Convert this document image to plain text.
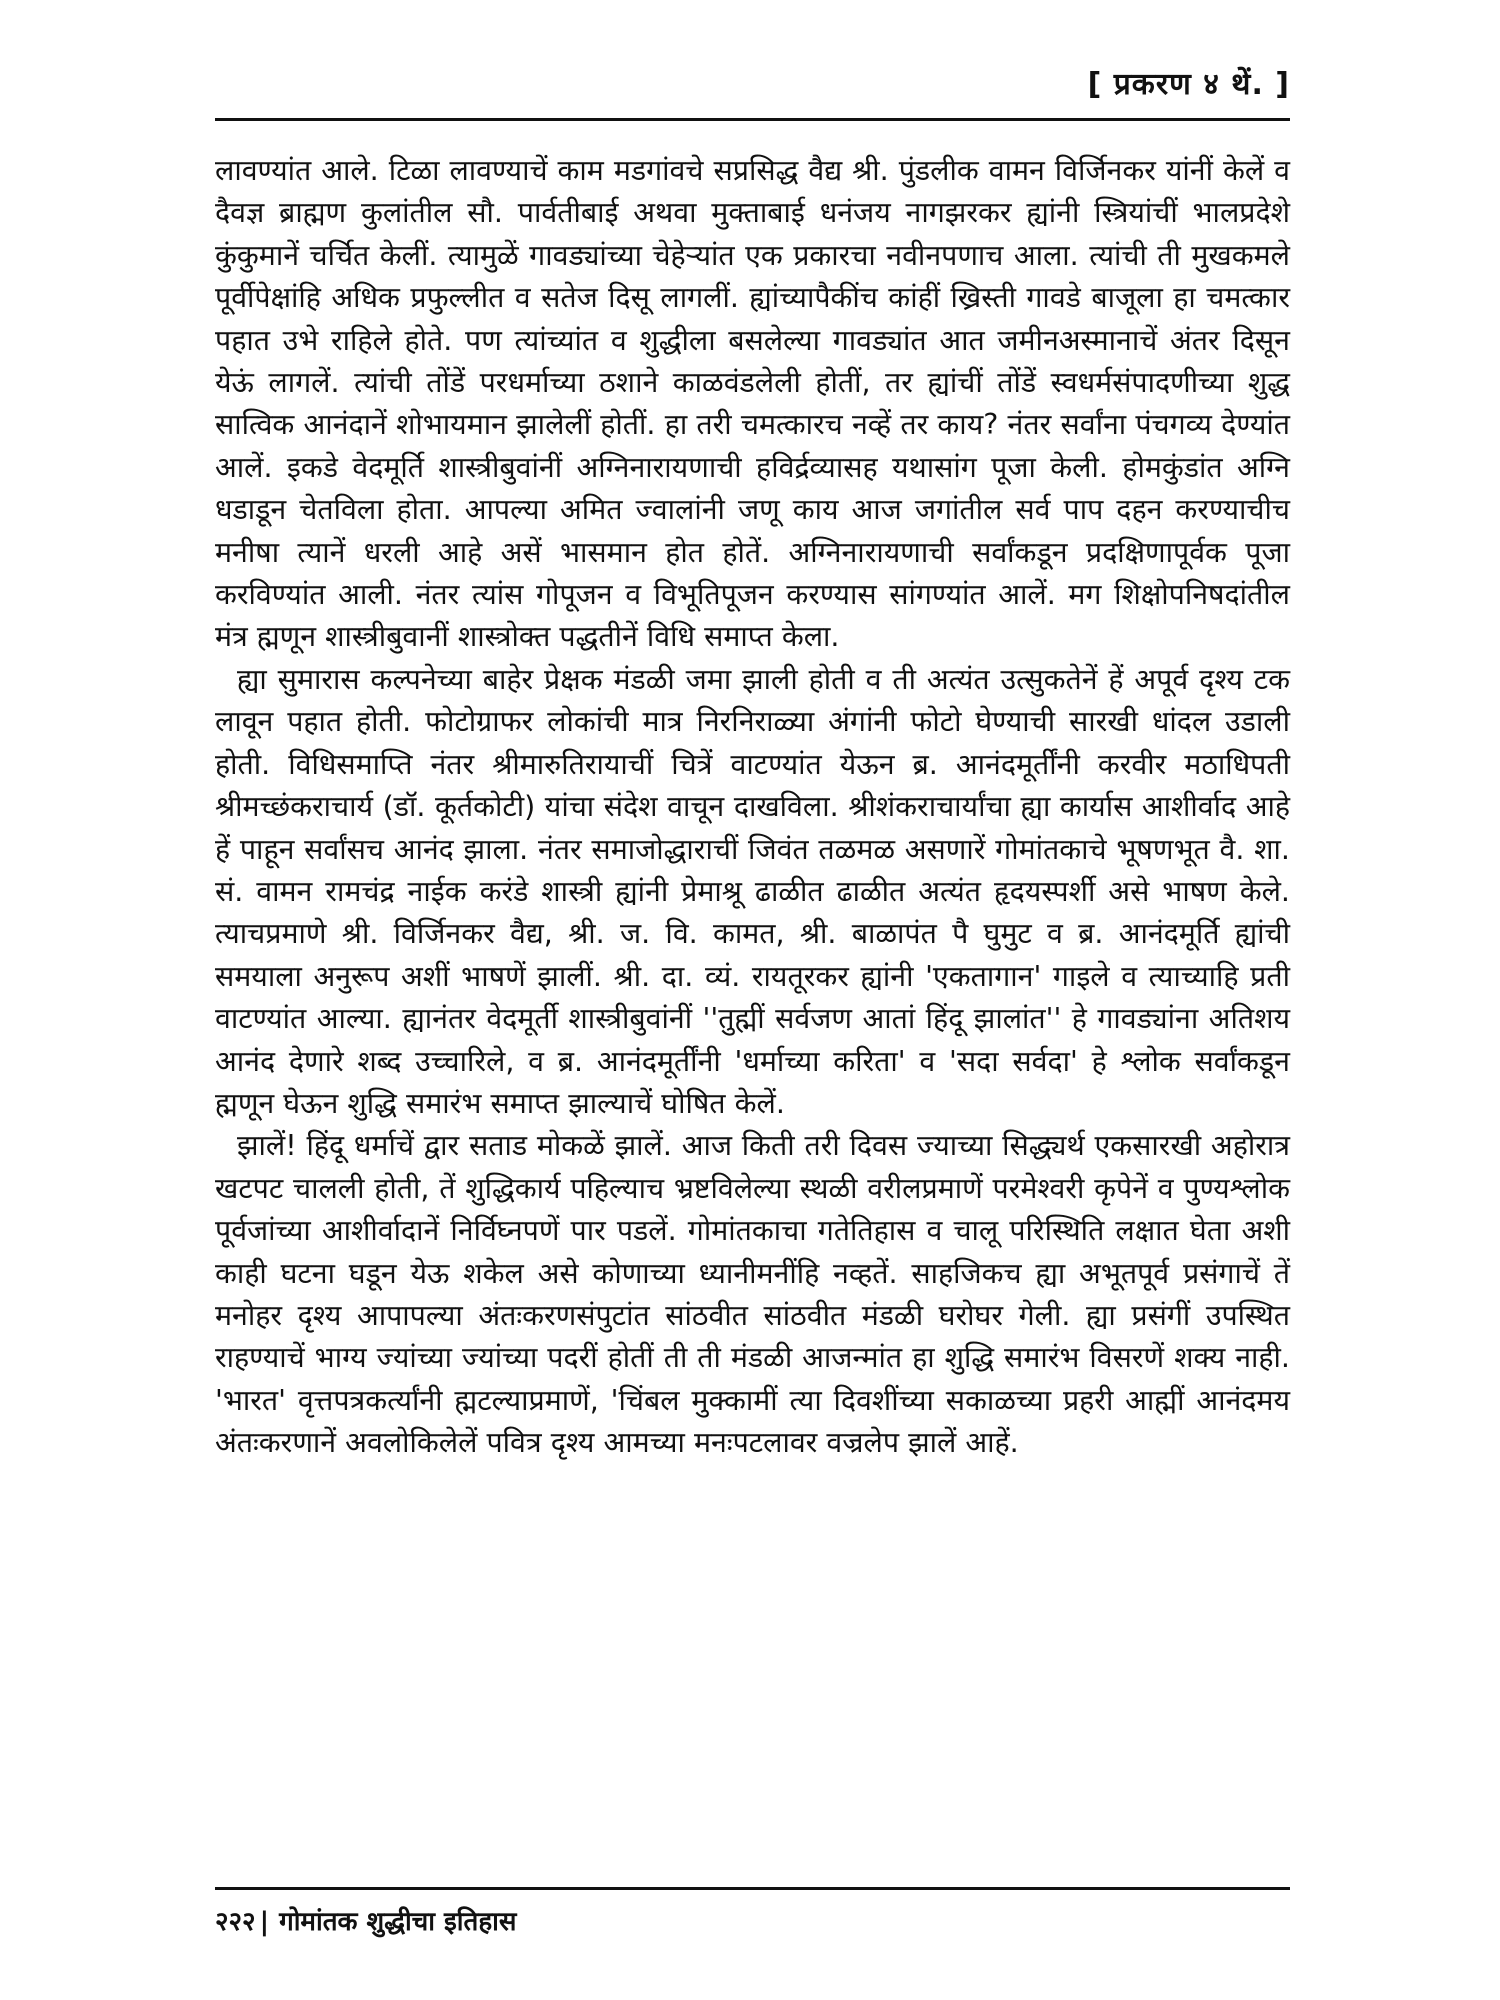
[ प्रकरण ४ थें. ]

लावण्यांत आले. टिळा लावण्याचें काम मडगांवचे सप्रसिद्ध वैद्य श्री. पुंडलीक वामन विर्जिनकर यांनीं केलें व दैवज्ञ ब्राह्मण कुलांतील सौ. पार्वतीबाई अथवा मुक्ताबाई धनंजय नागझरकर ह्यांनी स्त्रियांचीं भालप्रदेशे कुंकुमानें चर्चित केलीं. त्यामुळें गावड्यांच्या चेहेऱ्यांत एक प्रकारचा नवीनपणाच आला. त्यांची ती मुखकमले पूर्वीपेक्षांहि अधिक प्रफुल्लीत व सतेज दिसू लागलीं. ह्यांच्यापैकींच कांहीं ख्रिस्ती गावडे बाजूला हा चमत्कार पहात उभे राहिले होते. पण त्यांच्यांत व शुद्धीला बसलेल्या गावड्यांत आत जमीनअस्मानाचें अंतर दिसून येऊं लागलें. त्यांची तोंडें परधर्माच्या ठशाने काळवंडलेली होतीं, तर ह्यांचीं तोंडें स्वधर्मसंपादणीच्या शुद्ध सात्विक आनंदानें शोभायमान झालेलीं होतीं. हा तरी चमत्कारच नव्हें तर काय? नंतर सर्वांना पंचगव्य देण्यांत आलें. इकडे वेदमूर्ति शास्त्रीबुवांनीं अग्निनारायणाची हविर्द्रव्यासह यथासांग पूजा केली. होमकुंडांत अग्नि धडाडून चेतविला होता. आपल्या अमित ज्वालांनी जणू काय आज जगांतील सर्व पाप दहन करण्याचीच मनीषा त्यानें धरली आहे असें भासमान होत होतें. अग्निनारायणाची सर्वांकडून प्रदक्षिणापूर्वक पूजा करविण्यांत आली. नंतर त्यांस गोपूजन व विभूतिपूजन करण्यास सांगण्यांत आलें. मग शिक्षोपनिषदांतील मंत्र ह्मणून शास्त्रीबुवानीं शास्त्रोक्त पद्धतीनें विधि समाप्त केला.

ह्या सुमारास कल्पनेच्या बाहेर प्रेक्षक मंडळी जमा झाली होती व ती अत्यंत उत्सुकतेनें हें अपूर्व दृश्य टक लावून पहात होती. फोटोग्राफर लोकांची मात्र निरनिराळ्या अंगांनी फोटो घेण्याची सारखी धांदल उडाली होती. विधिसमाप्ति नंतर श्रीमारुतिरायाचीं चित्रें वाटण्यांत येऊन ब्र. आनंदमूर्तींनी करवीर मठाधिपती श्रीमच्छंकराचार्य (डॉ. कूर्तकोटी) यांचा संदेश वाचून दाखविला. श्रीशंकराचार्यांचा ह्या कार्यास आशीर्वाद आहे हें पाहून सर्वांसच आनंद झाला. नंतर समाजोद्धाराचीं जिवंत तळमळ असणारें गोमांतकाचे भूषणभूत वै. शा. सं. वामन रामचंद्र नाईक करंडे शास्त्री ह्यांनी प्रेमाश्रू ढाळीत ढाळीत अत्यंत हृदयस्पर्शी असे भाषण केले. त्याचप्रमाणे श्री. विर्जिनकर वैद्य, श्री. ज. वि. कामत, श्री. बाळापंत पै घुमुट व ब्र. आनंदमूर्ति ह्यांची समयाला अनुरूप अशीं भाषणें झालीं. श्री. दा. व्यं. रायतूरकर ह्यांनी 'एकतागान' गाइले व त्याच्याहि प्रती वाटण्यांत आल्या. ह्यानंतर वेदमूर्ती शास्त्रीबुवांनीं ''तुह्मीं सर्वजण आतां हिंदू झालांत'' हे गावड्यांना अतिशय आनंद देणारे शब्द उच्चारिले, व ब्र. आनंदमूर्तींनी 'धर्माच्या करिता' व 'सदा सर्वदा' हे श्लोक सर्वांकडून ह्मणून घेऊन शुद्धि समारंभ समाप्त झाल्याचें घोषित केलें.

झालें! हिंदू धर्माचें द्वार सताड मोकळें झालें. आज किती तरी दिवस ज्याच्या सिद्ध्यर्थ एकसारखी अहोरात्र खटपट चालली होती, तें शुद्धिकार्य पहिल्याच भ्रष्टविलेल्या स्थळी वरीलप्रमाणें परमेश्वरी कृपेनें व पुण्यश्लोक पूर्वजांच्या आशीर्वादानें निर्विघ्नपणें पार पडलें. गोमांतकाचा गतेतिहास व चालू परिस्थिति लक्षात घेता अशी काही घटना घडून येऊ शकेल असे कोणाच्या ध्यानीमनींहि नव्हतें. साहजिकच ह्या अभूतपूर्व प्रसंगाचें तें मनोहर दृश्य आपापल्या अंतःकरणसंपुटांत सांठवीत सांठवीत मंडळी घरोघर गेली. ह्या प्रसंगीं उपस्थित राहण्याचें भाग्य ज्यांच्या ज्यांच्या पदरीं होतीं ती ती मंडळी आजन्मांत हा शुद्धि समारंभ विसरणें शक्य नाही. 'भारत' वृत्तपत्रकर्त्यांनी ह्मटल्याप्रमाणें, 'चिंबल मुक्कामीं त्या दिवशींच्या सकाळच्या प्रहरी आह्मीं आनंदमय अंतःकरणानें अवलोकिलेलें पवित्र दृश्य आमच्या मनःपटलावर वज्रलेप झालें आहें.

२२२ | गोमांतक शुद्धीचा इतिहास
